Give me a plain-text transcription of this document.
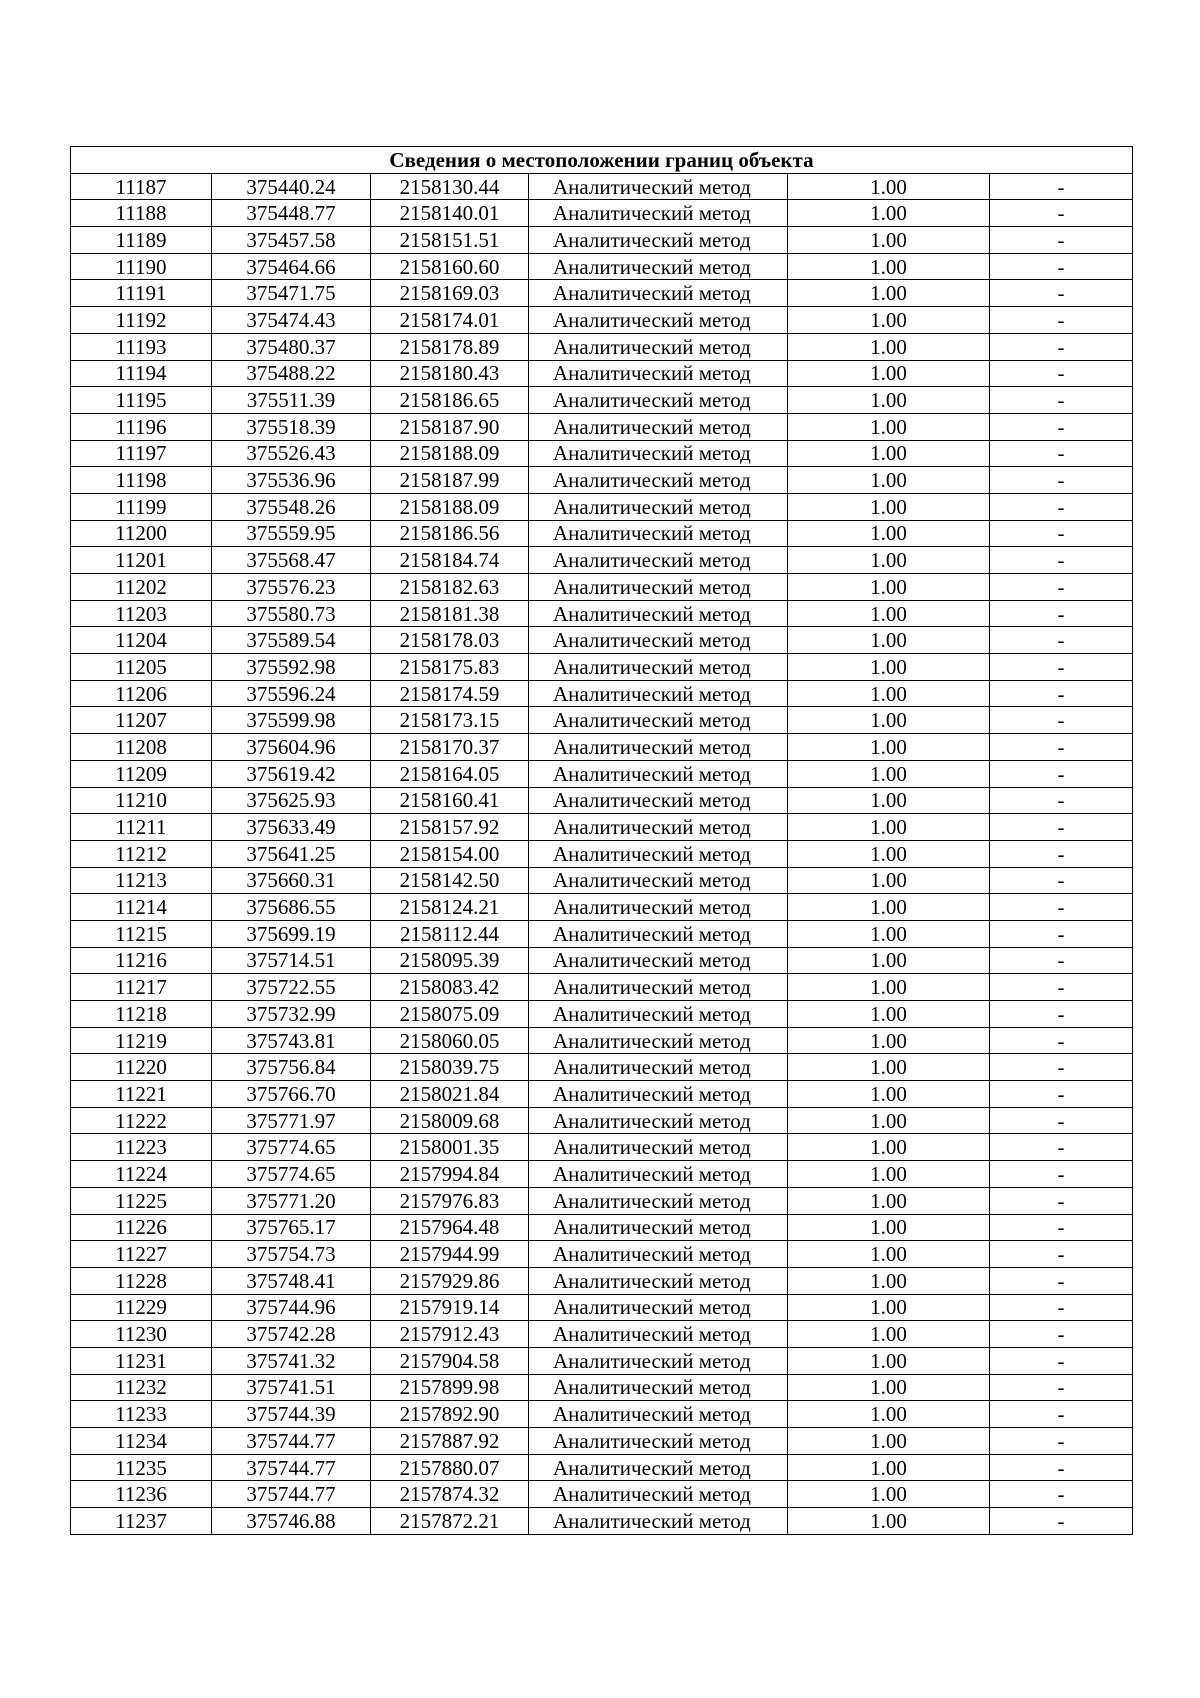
Сведения о местоположении границ объекта					
11187	375440.24	2158130.44	Аналитический метод	1.00	-
11188	375448.77	2158140.01	Аналитический метод	1.00	-
11189	375457.58	2158151.51	Аналитический метод	1.00	-
11190	375464.66	2158160.60	Аналитический метод	1.00	-
11191	375471.75	2158169.03	Аналитический метод	1.00	-
11192	375474.43	2158174.01	Аналитический метод	1.00	-
11193	375480.37	2158178.89	Аналитический метод	1.00	-
11194	375488.22	2158180.43	Аналитический метод	1.00	-
11195	375511.39	2158186.65	Аналитический метод	1.00	-
11196	375518.39	2158187.90	Аналитический метод	1.00	-
11197	375526.43	2158188.09	Аналитический метод	1.00	-
11198	375536.96	2158187.99	Аналитический метод	1.00	-
11199	375548.26	2158188.09	Аналитический метод	1.00	-
11200	375559.95	2158186.56	Аналитический метод	1.00	-
11201	375568.47	2158184.74	Аналитический метод	1.00	-
11202	375576.23	2158182.63	Аналитический метод	1.00	-
11203	375580.73	2158181.38	Аналитический метод	1.00	-
11204	375589.54	2158178.03	Аналитический метод	1.00	-
11205	375592.98	2158175.83	Аналитический метод	1.00	-
11206	375596.24	2158174.59	Аналитический метод	1.00	-
11207	375599.98	2158173.15	Аналитический метод	1.00	-
11208	375604.96	2158170.37	Аналитический метод	1.00	-
11209	375619.42	2158164.05	Аналитический метод	1.00	-
11210	375625.93	2158160.41	Аналитический метод	1.00	-
11211	375633.49	2158157.92	Аналитический метод	1.00	-
11212	375641.25	2158154.00	Аналитический метод	1.00	-
11213	375660.31	2158142.50	Аналитический метод	1.00	-
11214	375686.55	2158124.21	Аналитический метод	1.00	-
11215	375699.19	2158112.44	Аналитический метод	1.00	-
11216	375714.51	2158095.39	Аналитический метод	1.00	-
11217	375722.55	2158083.42	Аналитический метод	1.00	-
11218	375732.99	2158075.09	Аналитический метод	1.00	-
11219	375743.81	2158060.05	Аналитический метод	1.00	-
11220	375756.84	2158039.75	Аналитический метод	1.00	-
11221	375766.70	2158021.84	Аналитический метод	1.00	-
11222	375771.97	2158009.68	Аналитический метод	1.00	-
11223	375774.65	2158001.35	Аналитический метод	1.00	-
11224	375774.65	2157994.84	Аналитический метод	1.00	-
11225	375771.20	2157976.83	Аналитический метод	1.00	-
11226	375765.17	2157964.48	Аналитический метод	1.00	-
11227	375754.73	2157944.99	Аналитический метод	1.00	-
11228	375748.41	2157929.86	Аналитический метод	1.00	-
11229	375744.96	2157919.14	Аналитический метод	1.00	-
11230	375742.28	2157912.43	Аналитический метод	1.00	-
11231	375741.32	2157904.58	Аналитический метод	1.00	-
11232	375741.51	2157899.98	Аналитический метод	1.00	-
11233	375744.39	2157892.90	Аналитический метод	1.00	-
11234	375744.77	2157887.92	Аналитический метод	1.00	-
11235	375744.77	2157880.07	Аналитический метод	1.00	-
11236	375744.77	2157874.32	Аналитический метод	1.00	-
11237	375746.88	2157872.21	Аналитический метод	1.00	-
